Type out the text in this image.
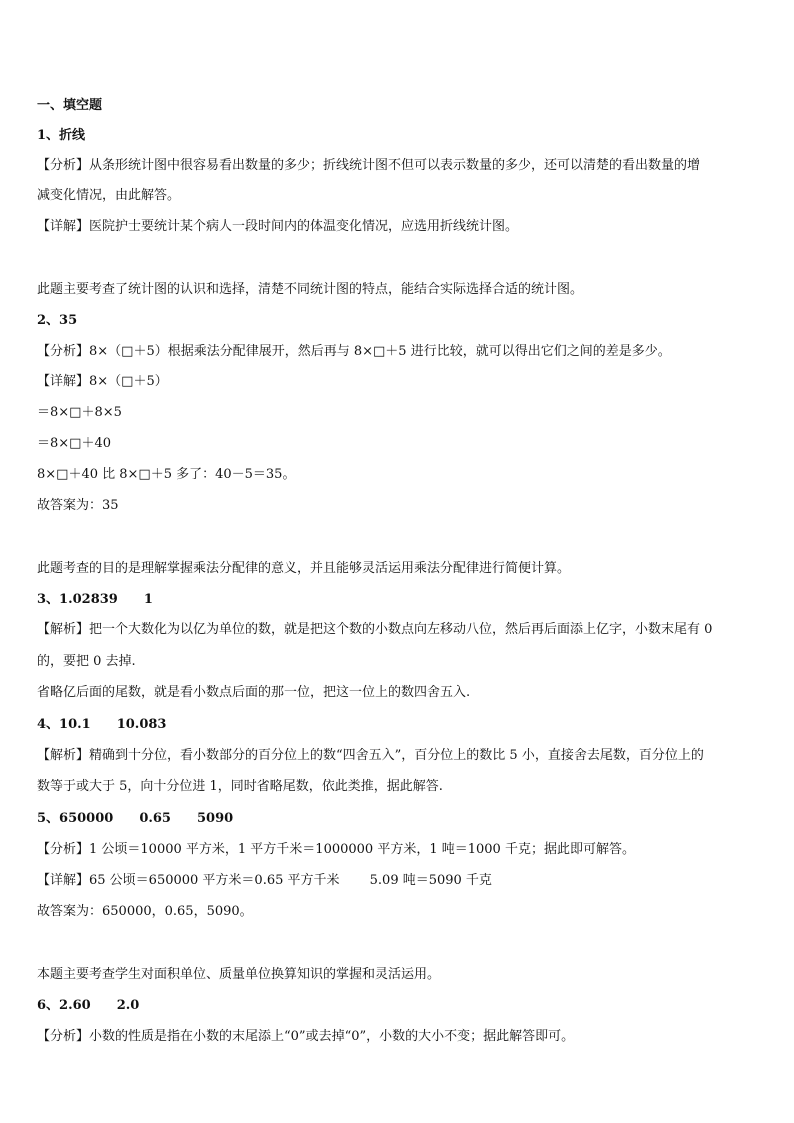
一、填空题
1、折线
【分析】从条形统计图中很容易看出数量的多少；折线统计图不但可以表示数量的多少，还可以清楚的看出数量的增
减变化情况，由此解答。
【详解】医院护士要统计某个病人一段时间内的体温变化情况，应选用折线统计图。
此题主要考查了统计图的认识和选择，清楚不同统计图的特点，能结合实际选择合适的统计图。
2、35
【分析】8×（□＋5）根据乘法分配律展开，然后再与 8×□＋5 进行比较，就可以得出它们之间的差是多少。
【详解】8×（□＋5）
＝8×□＋8×5
＝8×□＋40
8×□＋40 比 8×□＋5 多了：40－5＝35。
故答案为：35
此题考查的目的是理解掌握乘法分配律的意义，并且能够灵活运用乘法分配律进行简便计算。
3、1.02839　　1
【解析】把一个大数化为以亿为单位的数，就是把这个数的小数点向左移动八位，然后再后面添上亿字，小数末尾有 0
的，要把 0 去掉.
省略亿后面的尾数，就是看小数点后面的那一位，把这一位上的数四舍五入.
4、10.1　　10.083
【解析】精确到十分位，看小数部分的百分位上的数“四舍五入”，百分位上的数比 5 小，直接舍去尾数，百分位上的
数等于或大于 5，向十分位进 1，同时省略尾数，依此类推，据此解答.
5、650000　　0.65　　5090
【分析】1 公顷＝10000 平方米，1 平方千米＝1000000 平方米，1 吨＝1000 千克；据此即可解答。
【详解】65 公顷＝650000 平方米＝0.65 平方千米　　 5.09 吨＝5090 千克
故答案为：650000，0.65，5090。
本题主要考查学生对面积单位、质量单位换算知识的掌握和灵活运用。
6、2.60　　2.0
【分析】小数的性质是指在小数的末尾添上“0”或去掉“0”，小数的大小不变；据此解答即可。
